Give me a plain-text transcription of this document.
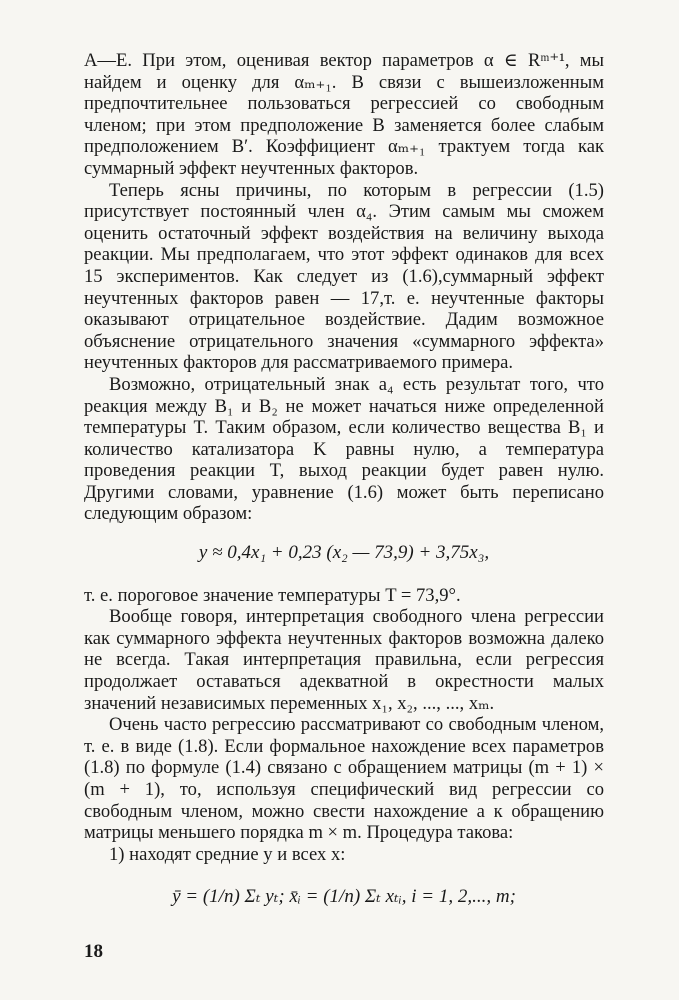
А—Е. При этом, оценивая вектор параметров α ∈ Rᵐ⁺¹, мы найдем и оценку для αₘ₊₁. В связи с вышеизложенным предпочтительнее пользоваться регрессией со свободным членом; при этом предположение В заменяется более слабым предположением В′. Коэффициент αₘ₊₁ трактуем тогда как суммарный эффект неучтенных факторов.

Теперь ясны причины, по которым в регрессии (1.5) присутствует постоянный член α₄. Этим самым мы сможем оценить остаточный эффект воздействия на величину выхода реакции. Мы предполагаем, что этот эффект одинаков для всех 15 экспериментов. Как следует из (1.6),суммарный эффект неучтенных факторов равен — 17,т. е. неучтенные факторы оказывают отрицательное воздействие. Дадим возможное объяснение отрицательного значения «суммарного эффекта» неучтенных факторов для рассматриваемого примера.

Возможно, отрицательный знак a₄ есть результат того, что реакция между B₁ и B₂ не может начаться ниже определенной температуры T. Таким образом, если количество вещества B₁ и количество катализатора K равны нулю, а температура проведения реакции T, выход реакции будет равен нулю. Другими словами, уравнение (1.6) может быть переписано следующим образом:

y ≈ 0,4x₁ + 0,23 (x₂ — 73,9) + 3,75x₃,

т. е. пороговое значение температуры T = 73,9°.

Вообще говоря, интерпретация свободного члена регрессии как суммарного эффекта неучтенных факторов возможна далеко не всегда. Такая интерпретация правильна, если регрессия продолжает оставаться адекватной в окрестности малых значений независимых переменных x₁, x₂, ..., ..., xₘ.

Очень часто регрессию рассматривают со свободным членом, т. е. в виде (1.8). Если формальное нахождение всех параметров (1.8) по формуле (1.4) связано с обращением матрицы (m + 1) × (m + 1), то, используя специфический вид регрессии со свободным членом, можно свести нахождение a к обращению матрицы меньшего порядка m × m. Процедура такова:

1) находят средние y и всех x:

ȳ = (1/n) Σₜ yₜ; x̄ᵢ = (1/n) Σₜ xₜᵢ, i = 1, 2,..., m;

18
